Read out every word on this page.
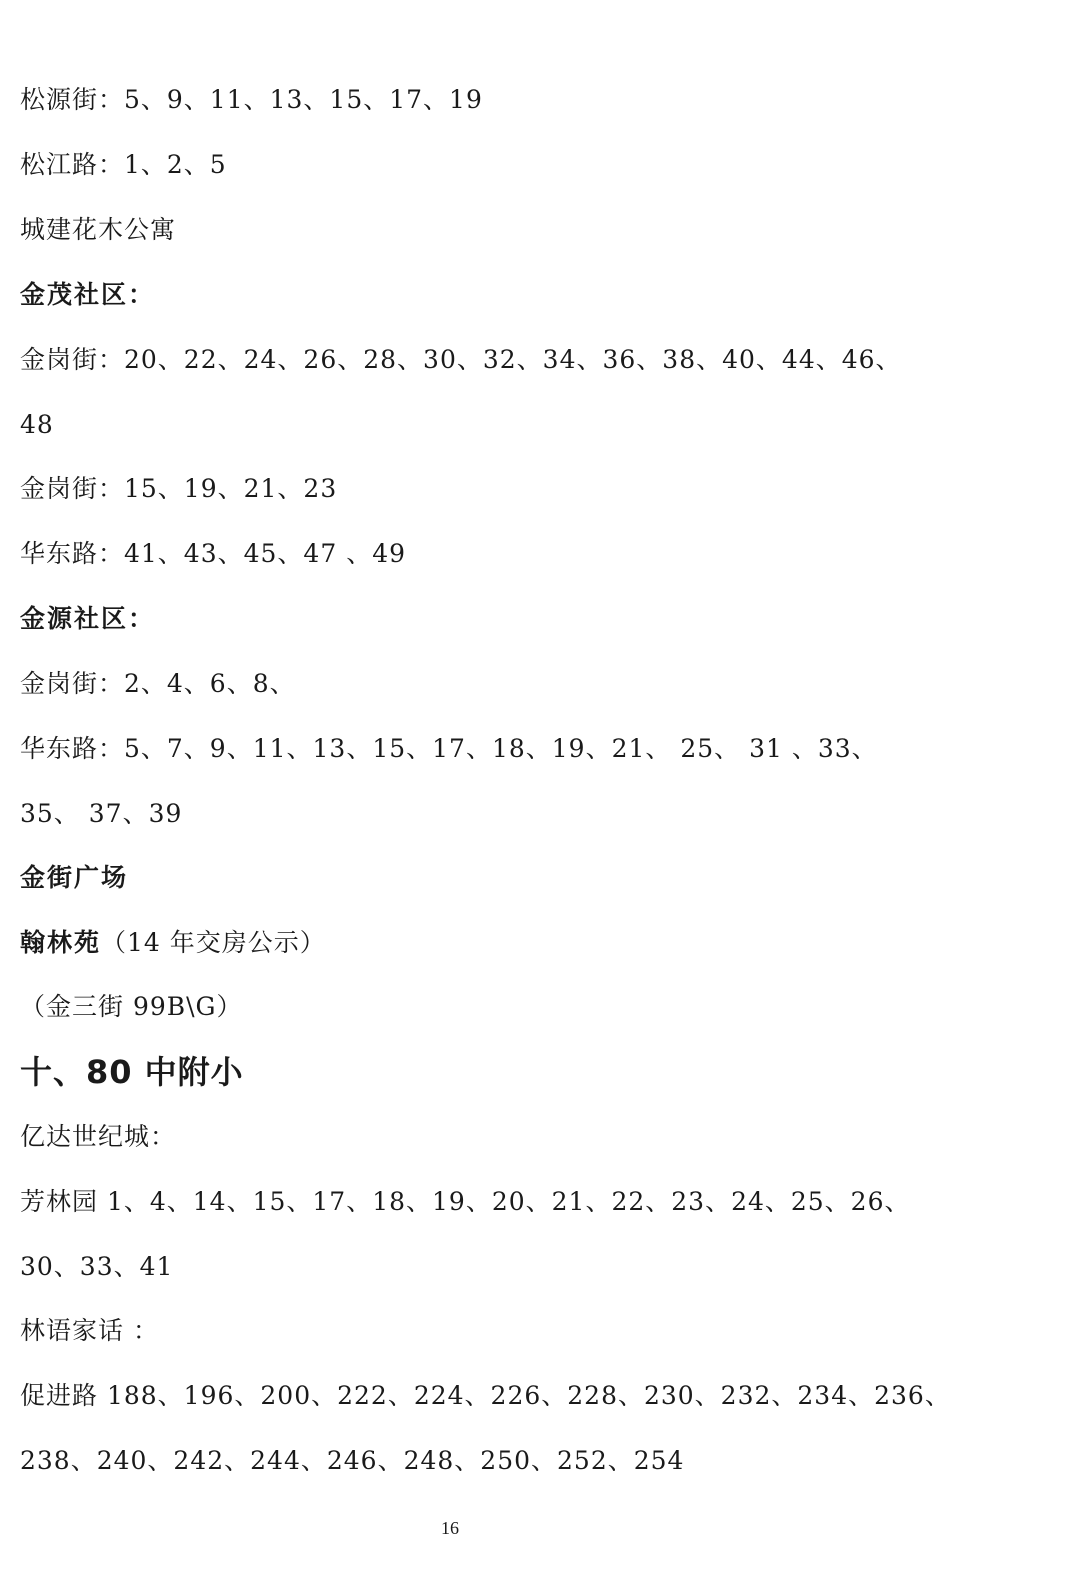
松源街：5、9、11、13、15、17、19
松江路：1、2、5
城建花木公寓
金茂社区：
金岗街：20、22、24、26、28、30、32、34、36、38、40、44、46、
48
金岗街：15、19、21、23
华东路：41、43、45、47 、49
金源社区：
金岗街：2、4、6、8、
华东路：5、7、9、11、13、15、17、18、19、21、 25、 31 、33、
35、 37、39
金街广场
翰林苑（14 年交房公示）
（金三街 99B\G）
十、80 中附小
亿达世纪城：
芳林园 1、4、14、15、17、18、19、20、21、22、23、24、25、26、
30、33、41
林语家话 ：
促进路 188、196、200、222、224、226、228、230、232、234、236、
238、240、242、244、246、248、250、252、254
16
